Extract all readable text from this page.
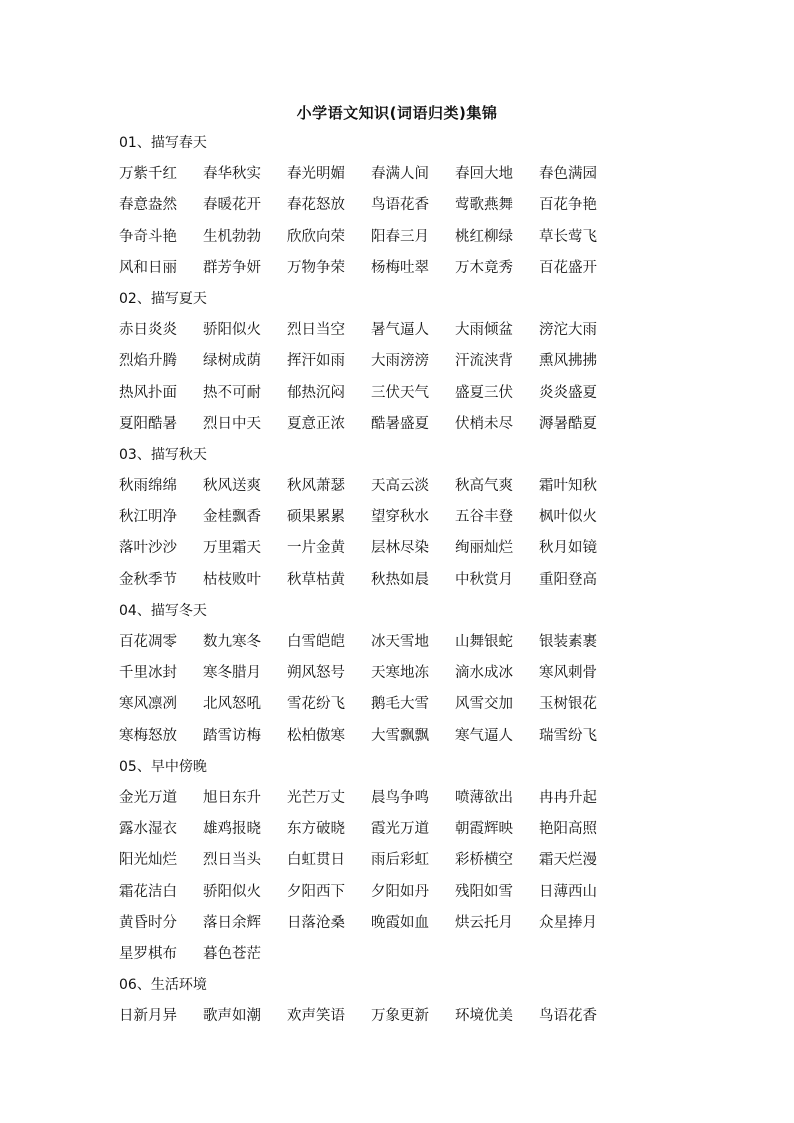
小学语文知识(词语归类)集锦
01、描写春天
万紫千红 春华秋实 春光明媚 春满人间 春回大地 春色满园
春意盎然 春暖花开 春花怒放 鸟语花香 莺歌燕舞 百花争艳
争奇斗艳 生机勃勃 欣欣向荣 阳春三月 桃红柳绿 草长莺飞
风和日丽 群芳争妍 万物争荣 杨梅吐翠 万木竟秀 百花盛开
02、描写夏天
赤日炎炎 骄阳似火 烈日当空 暑气逼人 大雨倾盆 滂沱大雨
烈焰升腾 绿树成荫 挥汗如雨 大雨滂滂 汗流浃背 熏风拂拂
热风扑面 热不可耐 郁热沉闷 三伏天气 盛夏三伏 炎炎盛夏
夏阳酷暑 烈日中天 夏意正浓 酷暑盛夏 伏梢未尽 溽暑酷夏
03、描写秋天
秋雨绵绵 秋风送爽 秋风萧瑟 天高云淡 秋高气爽 霜叶知秋
秋江明净 金桂飘香 硕果累累 望穿秋水 五谷丰登 枫叶似火
落叶沙沙 万里霜天 一片金黄 层林尽染 绚丽灿烂 秋月如镜
金秋季节 枯枝败叶 秋草枯黄 秋热如晨 中秋赏月 重阳登高
04、描写冬天
百花凋零 数九寒冬 白雪皑皑 冰天雪地 山舞银蛇 银装素裹
千里冰封 寒冬腊月 朔风怒号 天寒地冻 滴水成冰 寒风刺骨
寒风凛冽 北风怒吼 雪花纷飞 鹅毛大雪 风雪交加 玉树银花
寒梅怒放 踏雪访梅 松柏傲寒 大雪飘飘 寒气逼人 瑞雪纷飞
05、早中傍晚
金光万道 旭日东升 光芒万丈 晨鸟争鸣 喷薄欲出 冉冉升起
露水湿衣 雄鸡报晓 东方破晓 霞光万道 朝霞辉映 艳阳高照
阳光灿烂 烈日当头 白虹贯日 雨后彩虹 彩桥横空 霜天烂漫
霜花洁白 骄阳似火 夕阳西下 夕阳如丹 残阳如雪 日薄西山
黄昏时分 落日余辉 日落沧桑 晚霞如血 烘云托月 众星捧月
星罗棋布 暮色苍茫
06、生活环境
日新月异 歌声如潮 欢声笑语 万象更新 环境优美 鸟语花香
